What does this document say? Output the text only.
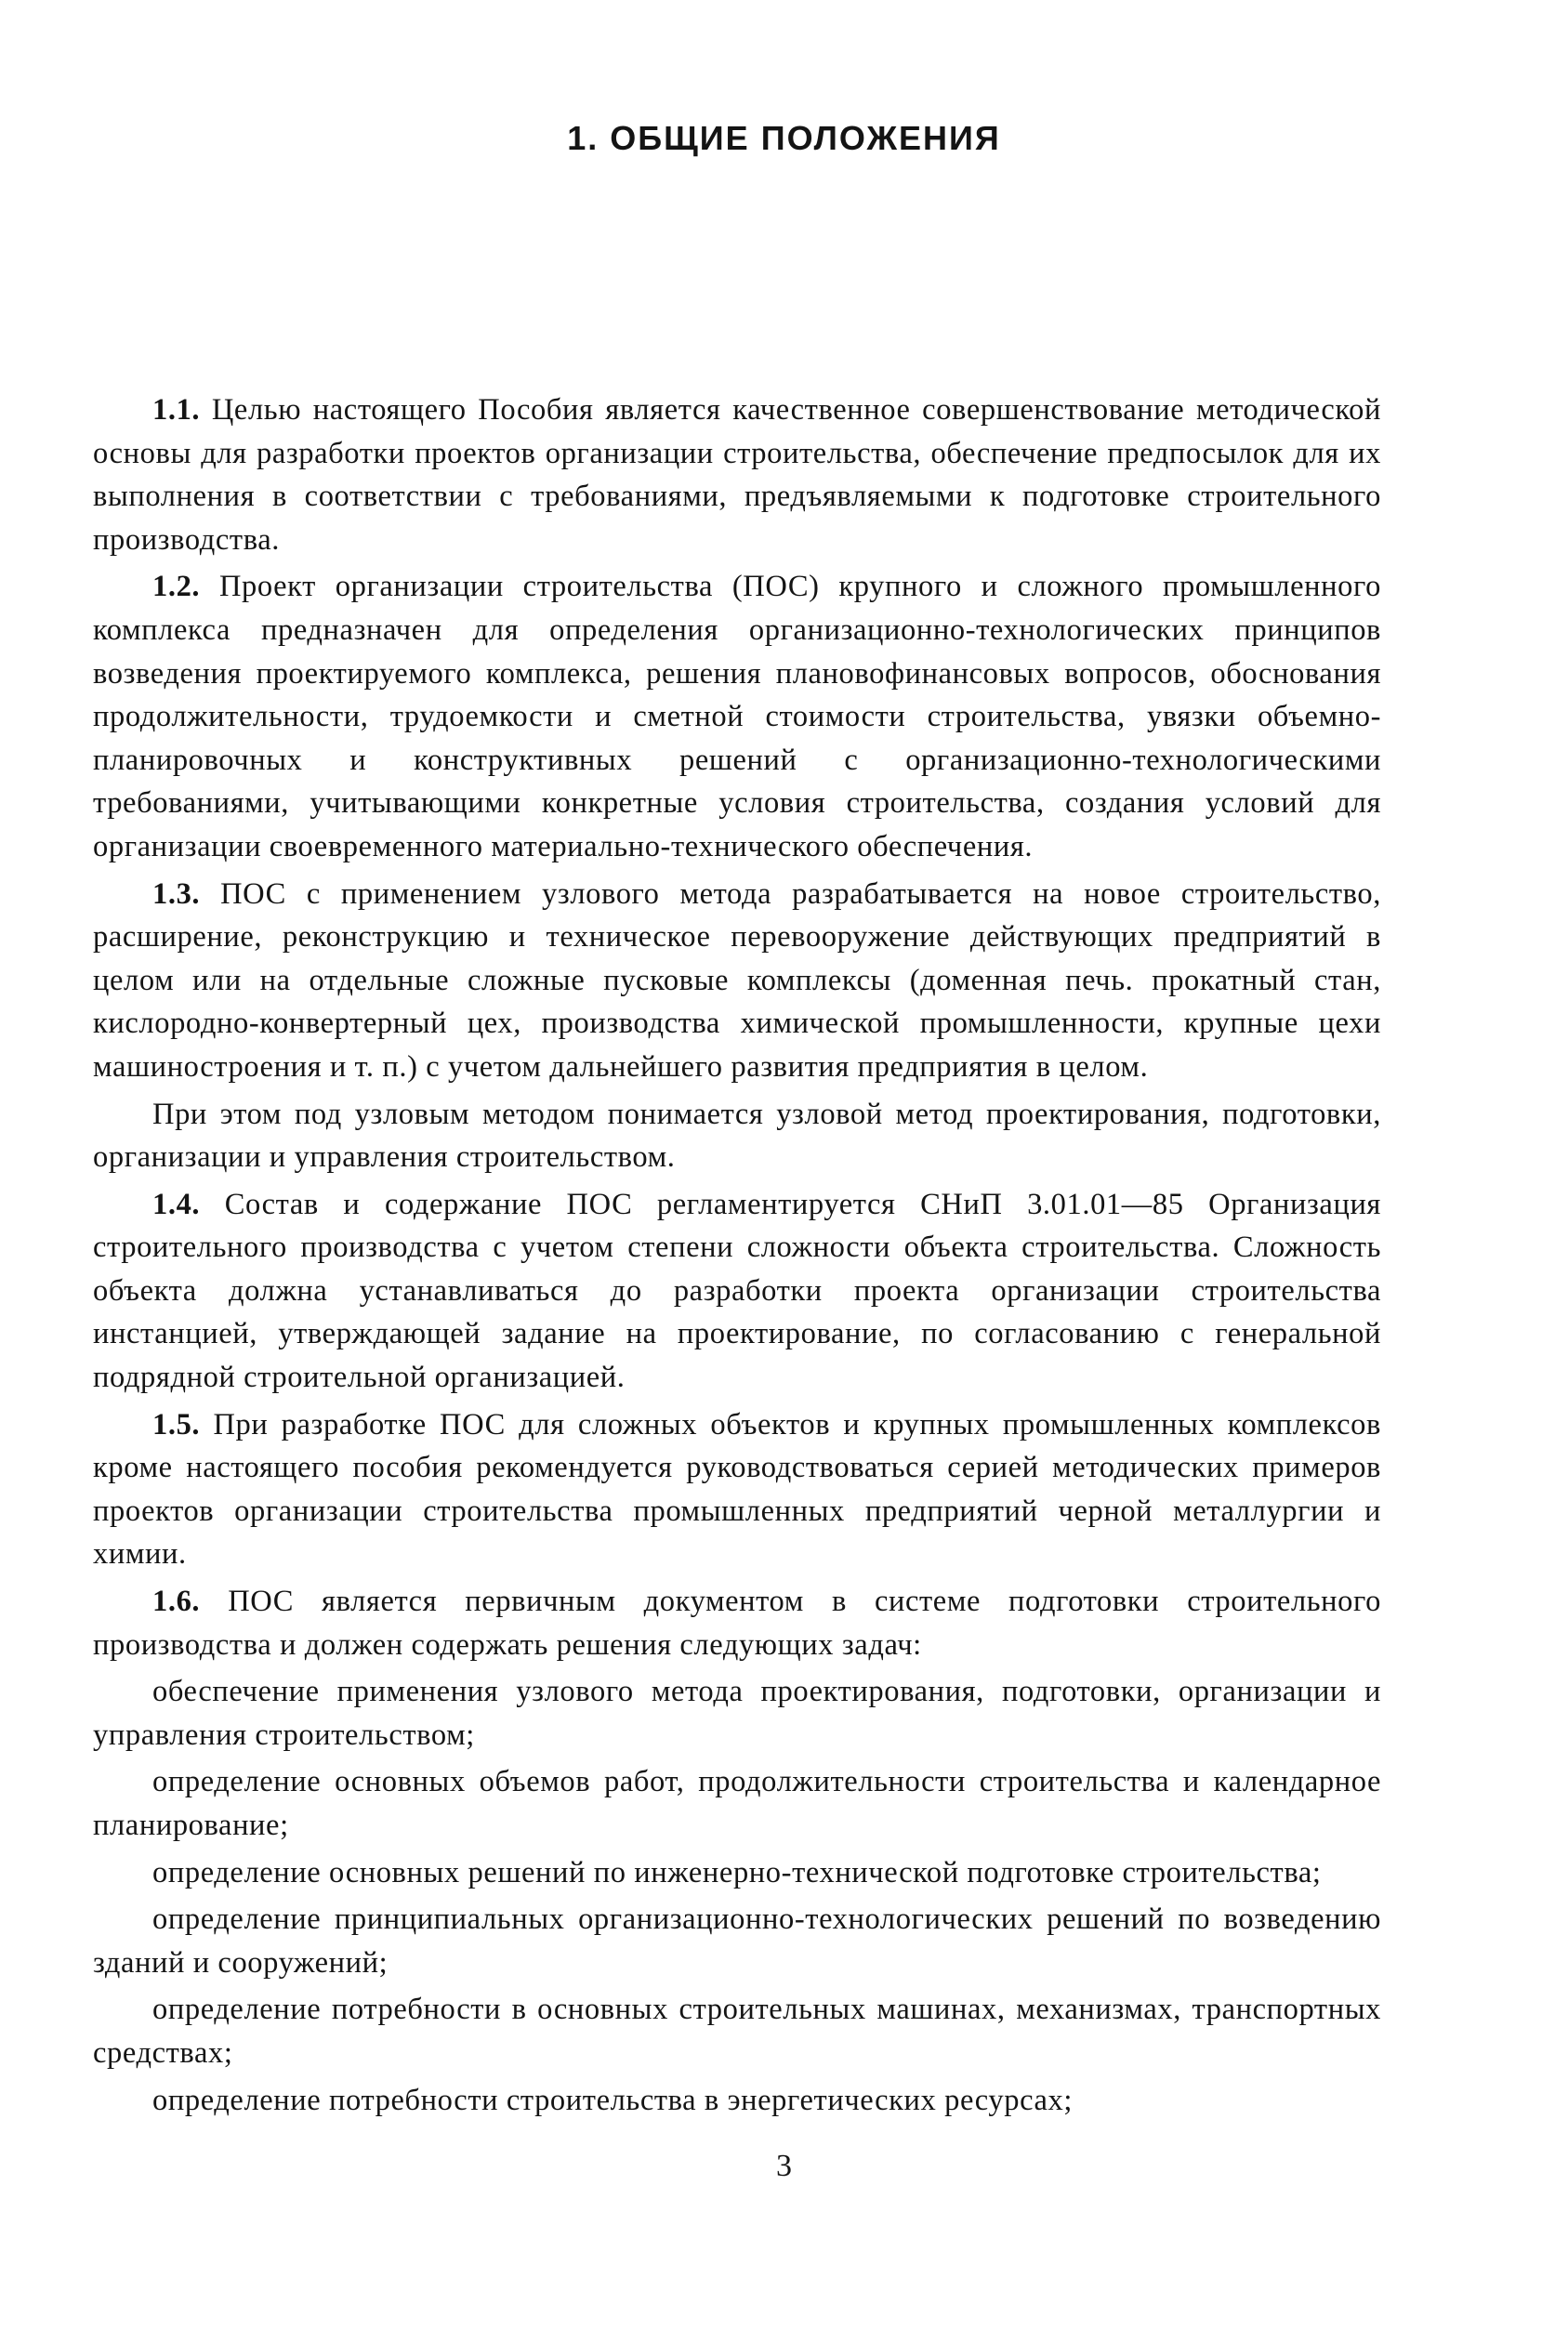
1. ОБЩИЕ ПОЛОЖЕНИЯ

1.1. Целью настоящего Пособия является качественное совершенствование методической основы для разработки проектов организации строительства, обеспечение предпосылок для их выполнения в соответствии с требованиями, предъявляемыми к подготовке строительного производства.

1.2. Проект организации строительства (ПОС) крупного и сложного промышленного комплекса предназначен для определения организационно-технологических принципов возведения проектируемого комплекса, решения плановофинансовых вопросов, обоснования продолжительности, трудоемкости и сметной стоимости строительства, увязки объемно-планировочных и конструктивных решений с организационно-технологическими требованиями, учитывающими конкретные условия строительства, создания условий для организации своевременного материально-технического обеспечения.

1.3. ПОС с применением узлового метода разрабатывается на новое строительство, расширение, реконструкцию и техническое перевооружение действующих предприятий в целом или на отдельные сложные пусковые комплексы (доменная печь. прокатный стан, кислородно-конвертерный цех, производства химической промышленности, крупные цехи машиностроения и т. п.) с учетом дальнейшего развития предприятия в целом.

При этом под узловым методом понимается узловой метод проектирования, подготовки, организации и управления строительством.

1.4. Состав и содержание ПОС регламентируется СНиП 3.01.01—85 Организация строительного производства с учетом степени сложности объекта строительства. Сложность объекта должна устанавливаться до разработки проекта организации строительства инстанцией, утверждающей задание на проектирование, по согласованию с генеральной подрядной строительной организацией.

1.5. При разработке ПОС для сложных объектов и крупных промышленных комплексов кроме настоящего пособия рекомендуется руководствоваться серией методических примеров проектов организации строительства промышленных предприятий черной металлургии и химии.

1.6. ПОС является первичным документом в системе подготовки строительного производства и должен содержать решения следующих задач:

обеспечение применения узлового метода проектирования, подготовки, организации и управления строительством;

определение основных объемов работ, продолжительности строительства и календарное планирование;

определение основных решений по инженерно-технической подготовке строительства;

определение принципиальных организационно-технологических решений по возведению зданий и сооружений;

определение потребности в основных строительных машинах, механизмах, транспортных средствах;

определение потребности строительства в энергетических ресурсах;

3
